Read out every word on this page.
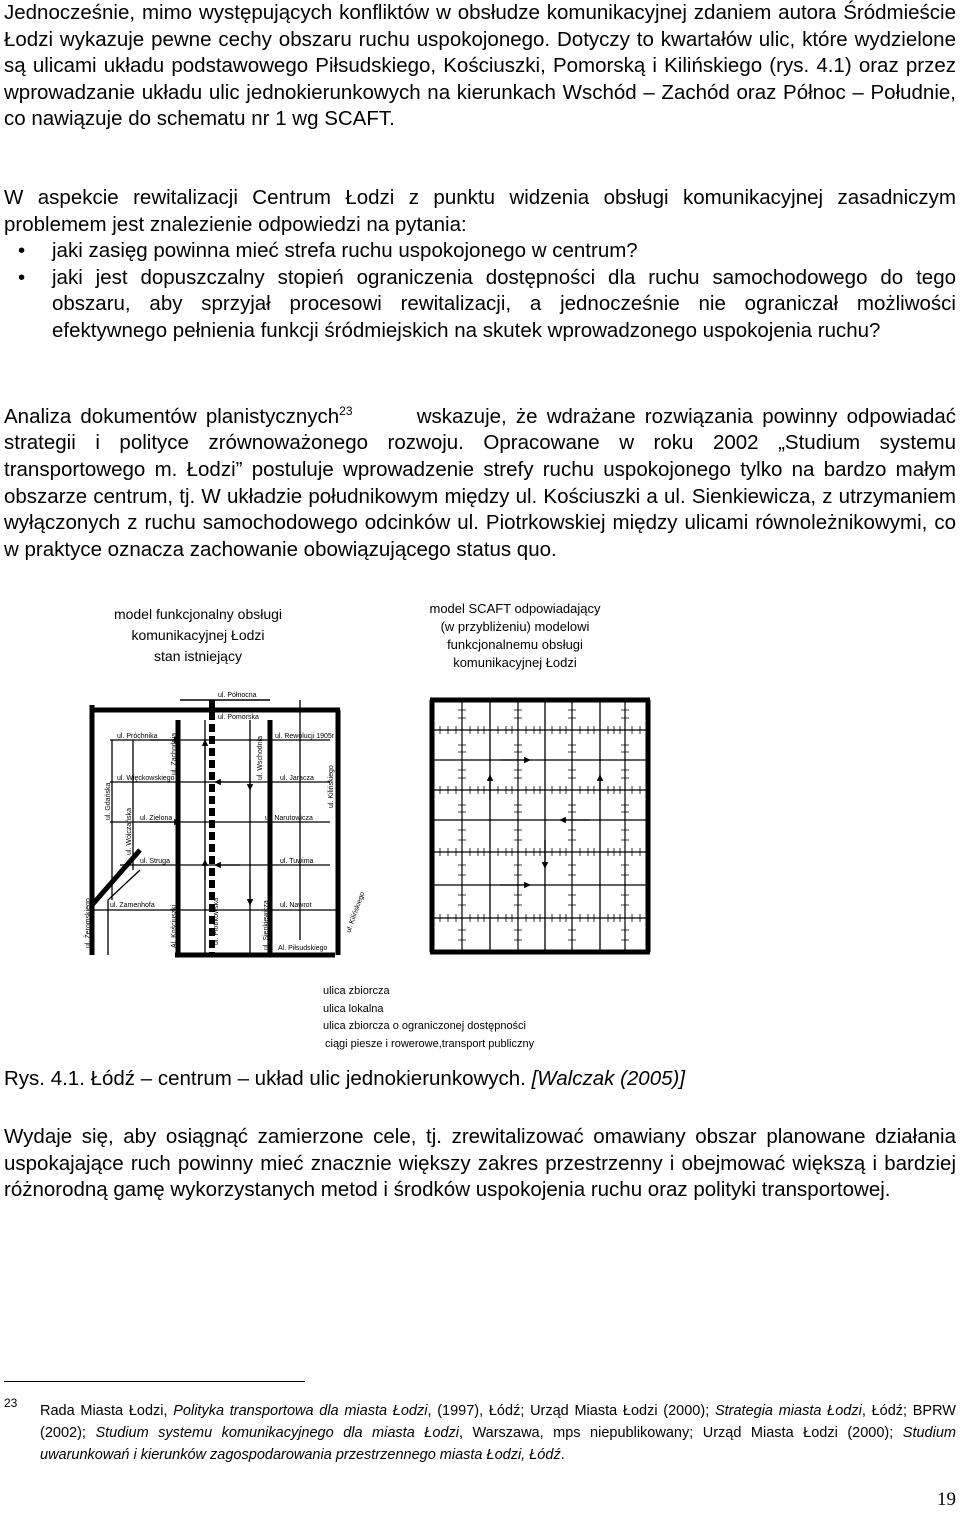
Jednocześnie, mimo występujących konfliktów w obsłudze komunikacyjnej zdaniem autora Śródmieście Łodzi wykazuje pewne cechy obszaru ruchu uspokojonego. Dotyczy to kwartałów ulic, które wydzielone są ulicami układu podstawowego Piłsudskiego, Kościuszki, Pomorską i Kilińskiego (rys. 4.1) oraz przez wprowadzanie układu ulic jednokierunkowych na kierunkach Wschód – Zachód oraz Północ – Południe, co nawiązuje do schematu nr 1 wg SCAFT.

W aspekcie rewitalizacji Centrum Łodzi z punktu widzenia obsługi komunikacyjnej zasadniczym problemem jest znalezienie odpowiedzi na pytania:

• jaki zasięg powinna mieć strefa ruchu uspokojonego w centrum?
• jaki jest dopuszczalny stopień ograniczenia dostępności dla ruchu samochodowego do tego obszaru, aby sprzyjał procesowi rewitalizacji, a jednocześnie nie ograniczał możliwości efektywnego pełnienia funkcji śródmiejskich na skutek wprowadzonego uspokojenia ruchu?

Analiza dokumentów planistycznych$^{23}$	wskazuje, że wdrażane rozwiązania powinny odpowiadać strategii i polityce zrównoważonego rozwoju. Opracowane w roku 2002 „Studium systemu transportowego m. Łodzi” postuluje wprowadzenie strefy ruchu uspokojonego tylko na bardzo małym obszarze centrum, tj. W układzie południkowym między ul. Kościuszki a ul. Sienkiewicza, z utrzymaniem wyłączonych z ruchu samochodowego odcinków ul. Piotrkowskiej między ulicami równoleżnikowymi, co w praktyce oznacza zachowanie obowiązującego status quo.

model funkcjonalny obsługi
komunikacyjnej Łodzi
stan istniejący
model SCAFT odpowiadający
(w przybliżeniu) modelowi
funkcjonalnemu obsługi
komunikacyjnej Łodzi
ul. Północna
ul. Pomorska
ul. Próchnika	ul. Rewolucji 1905r
ul. Zachodnia	ul. Wschodnia
ul. Kilińskiego
ul. Więckowskiego	ul. Jaracza
ul. Gdańska
ul. Wólczańska ul. Zielona	ul. Narutowicza
ul. Struga	ul. Tuwima
ul. Żeromskiego	ul. Zamenhofa Al. Kościuszki	ul. Piotrkowska	ul. Sienkiewicza ul. Nawrot	ul. Kilińskiego
Al. Piłsudskiego
ulica zbiorcza
ulica lokalna
ulica zbiorcza o ograniczonej dostępności
ciągi piesze i rowerowe,transport publiczny

Rys. 4.1. Łódź – centrum – układ ulic jednokierunkowych. [Walczak (2005)]

Wydaje się, aby osiągnąć zamierzone cele, tj. zrewitalizować omawiany obszar planowane działania uspokajające ruch powinny mieć znacznie większy zakres przestrzenny i obejmować większą i bardziej różnorodną gamę wykorzystanych metod i środków uspokojenia ruchu oraz polityki transportowej.

23 Rada Miasta Łodzi, Polityka transportowa dla miasta Łodzi, (1997), Łódź; Urząd Miasta Łodzi (2000); Strategia miasta Łodzi, Łódź; BPRW (2002); Studium systemu komunikacyjnego dla miasta Łodzi, Warszawa, mps niepublikowany; Urząd Miasta Łodzi (2000); Studium uwarunkowań i kierunków zagospodarowania przestrzennego miasta Łodzi, Łódź.

19
